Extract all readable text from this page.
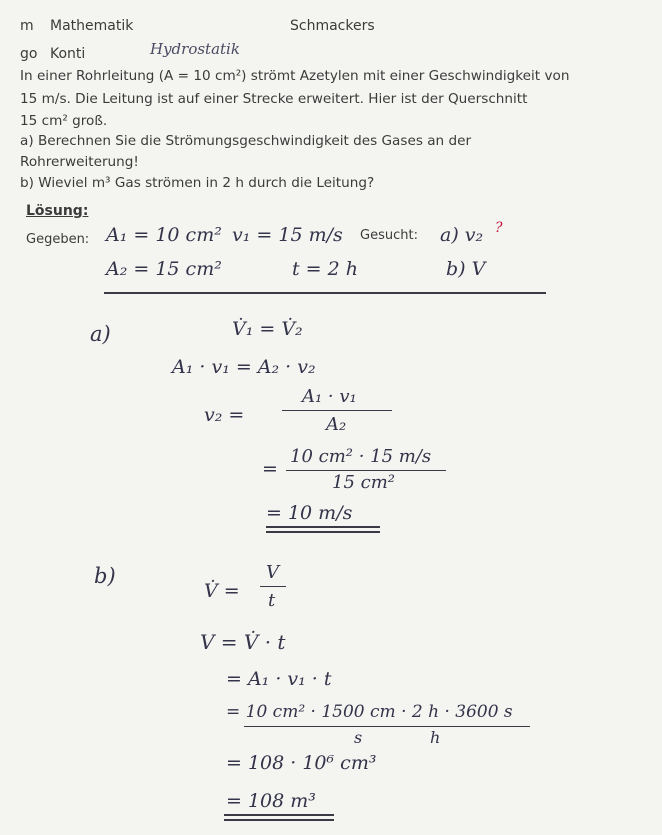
m Mathematik	Schmackers
go Konti	Hydrostatik
In einer Rohrleitung (A = 10 cm²) strömt Azetylen mit einer Geschwindigkeit von
15 m/s. Die Leitung ist auf einer Strecke erweitert. Hier ist der Querschnitt
15 cm² groß.
a) Berechnen Sie die Strömungsgeschwindigkeit des Gases an der
Rohrerweiterung!
b) Wieviel m³ Gas strömen in 2 h durch die Leitung?
Lösung:
Gegeben: A₁ = 10 cm² v₁ = 15 m/s Gesucht: a) v₂ ?
A₂ = 15 cm²	t = 2 h	b) V
a)	V̇₁ = V̇₂
A₁ · v₁ = A₂ · v₂
v₂ =
A₁ · v₁
A₂
=
10 cm² · 15 m/s
15 cm²
= 10 m/s
b)
V̇ =
V
t
V = V̇ · t
= A₁ · v₁ · t
= 10 cm² · 1500 cm · 2 h · 3600 s
s	h
= 108 · 10⁶ cm³
= 108 m³
